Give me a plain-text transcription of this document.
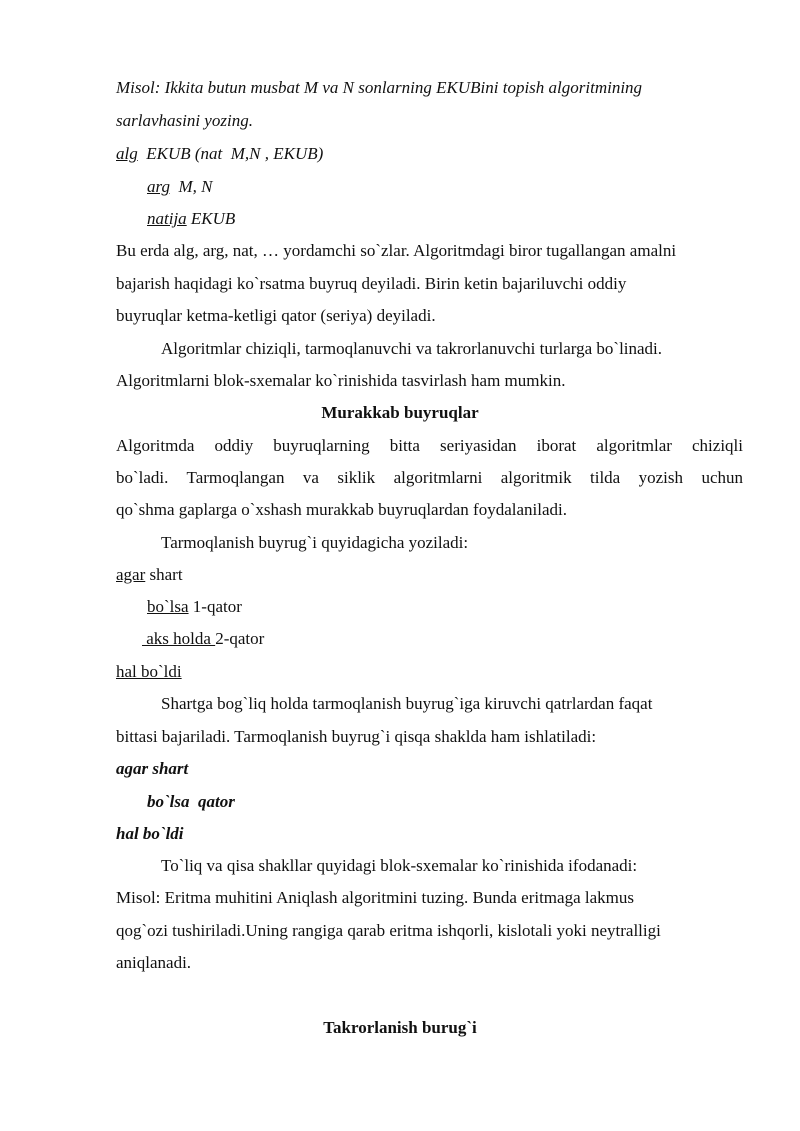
Misol: Ikkita butun musbat M va N sonlarning EKUBini topish algoritmining
sarlavhasini yozing.
alg  EKUB (nat  M,N , EKUB)
arg  M, N
natija EKUB
Bu erda alg, arg, nat, … yordamchi so`zlar. Algoritmdagi biror tugallangan amalni
bajarish haqidagi ko`rsatma buyruq deyiladi. Birin ketin bajariluvchi oddiy
buyruqlar ketma-ketligi qator (seriya) deyiladi.
Algoritmlar chiziqli, tarmoqlanuvchi va takrorlanuvchi turlarga bo`linadi.
Algoritmlarni blok-sxemalar ko`rinishida tasvirlash ham mumkin.
Murakkab buyruqlar
Algoritmda oddiy buyruqlarning bitta seriyasidan iborat algoritmlar chiziqli
bo`ladi. Tarmoqlangan va siklik algoritmlarni algoritmik tilda yozish uchun
qo`shma gaplarga o`xshash murakkab buyruqlardan foydalaniladi.
Tarmoqlanish buyrug`i quyidagicha yoziladi:
agar shart
bo`lsa 1-qator
aks holda 2-qator
hal bo`ldi
Shartga bog`liq holda tarmoqlanish buyrug`iga kiruvchi qatrlardan faqat
bittasi bajariladi. Tarmoqlanish buyrug`i qisqa shaklda ham ishlatiladi:
agar shart
bo`lsa  qator
hal bo`ldi
To`liq va qisa shakllar quyidagi blok-sxemalar ko`rinishida ifodanadi:
Misol: Eritma muhitini Aniqlash algoritmini tuzing. Bunda eritmaga lakmus
qog`ozi tushiriladi.Uning rangiga qarab eritma ishqorli, kislotali yoki neytralligi
aniqlanadi.
Takrorlanish burug`i
